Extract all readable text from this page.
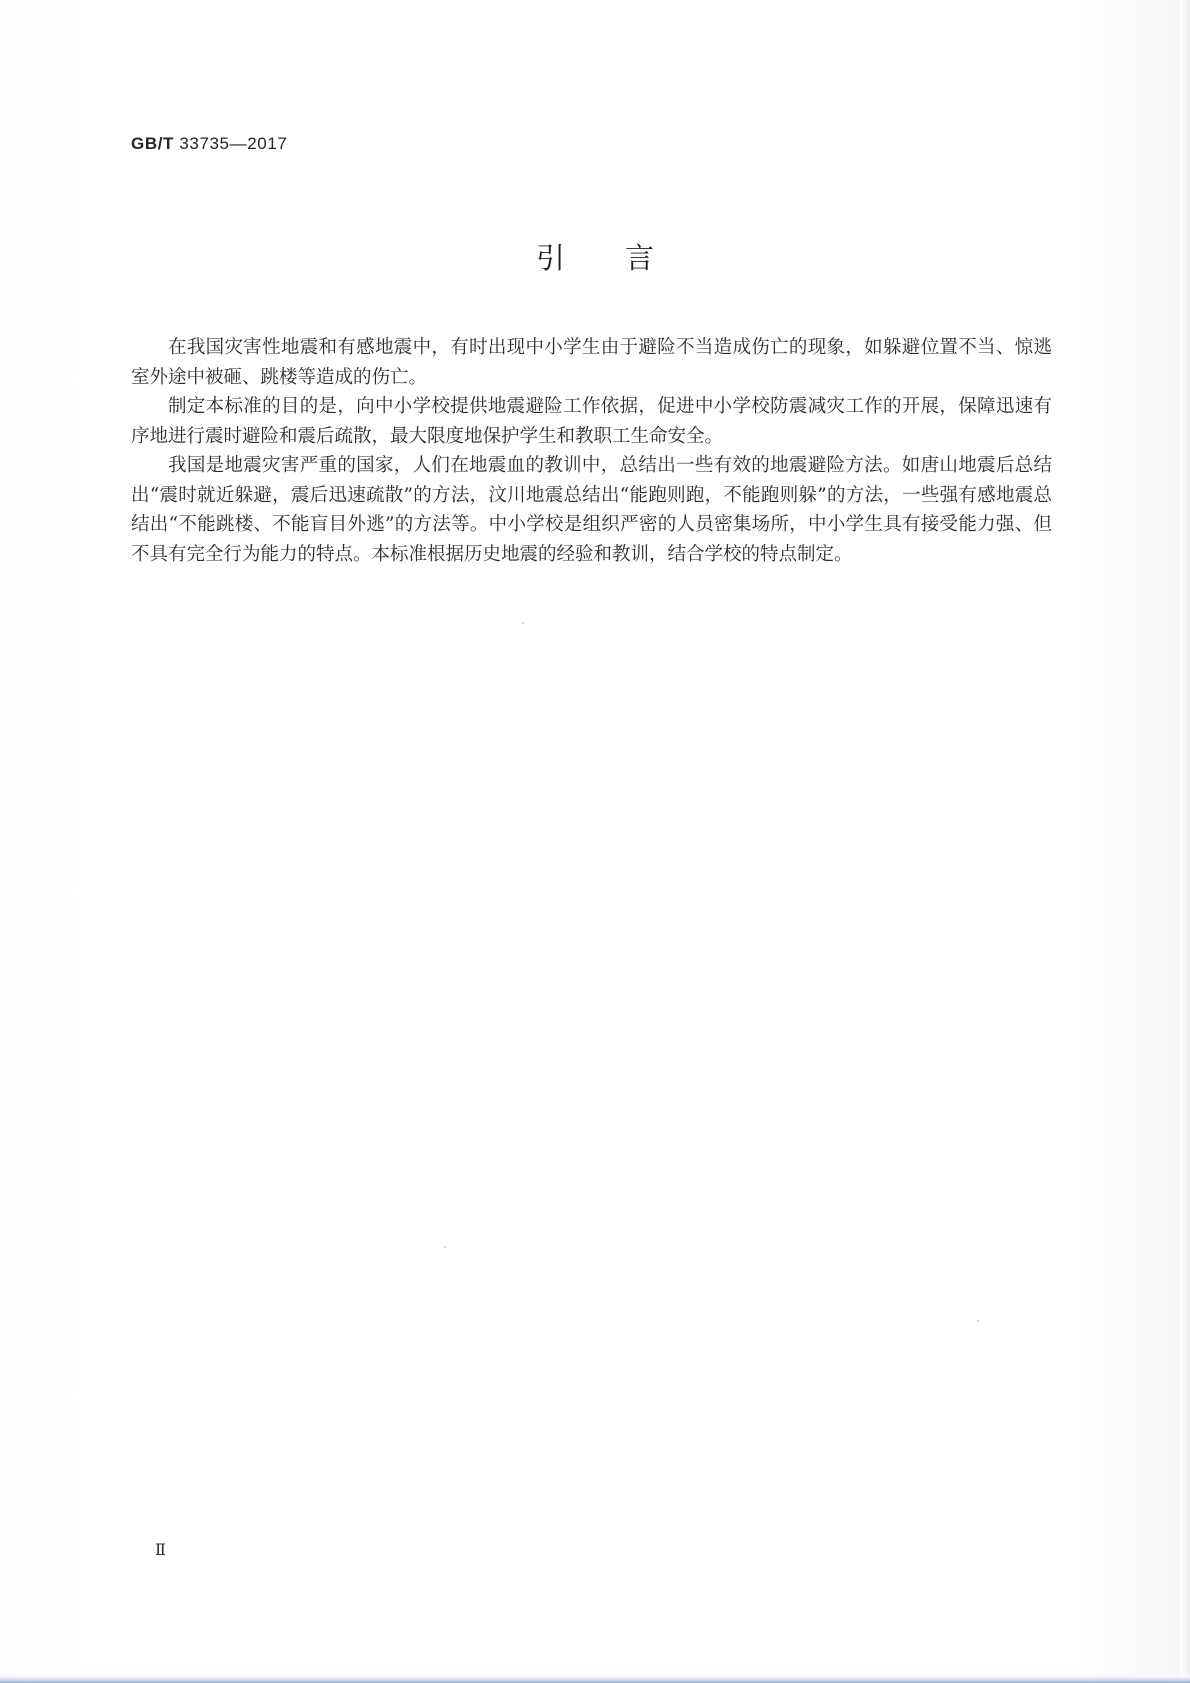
GB/T 33735—2017
引言

在我国灾害性地震和有感地震中，有时出现中小学生由于避险不当造成伤亡的现象，如躲避位置不当、惊逃室外途中被砸、跳楼等造成的伤亡。

制定本标准的目的是，向中小学校提供地震避险工作依据，促进中小学校防震减灾工作的开展，保障迅速有序地进行震时避险和震后疏散，最大限度地保护学生和教职工生命安全。

我国是地震灾害严重的国家，人们在地震血的教训中，总结出一些有效的地震避险方法。如唐山地震后总结出“震时就近躲避，震后迅速疏散”的方法，汶川地震总结出“能跑则跑，不能跑则躲”的方法，一些强有感地震总结出“不能跳楼、不能盲目外逃”的方法等。中小学校是组织严密的人员密集场所，中小学生具有接受能力强、但不具有完全行为能力的特点。本标准根据历史地震的经验和教训，结合学校的特点制定。

Ⅱ
